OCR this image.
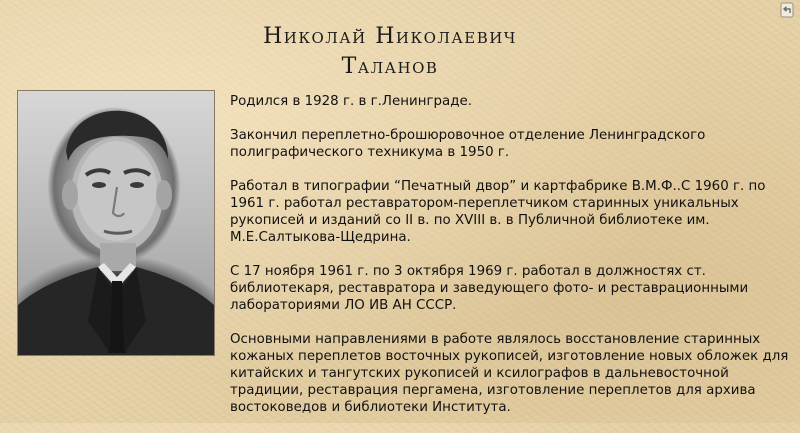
Николай Николаевич
Таланов

Родился в 1928 г. в г.Ленинграде.

Закончил переплетно-брошюровочное отделение Ленинградского полиграфического техникума в 1950 г.

Работал в типографии “Печатный двор” и картфабрике В.М.Ф..С 1960 г. по 1961 г. работал реставратором-переплетчиком старинных уникальных рукописей и изданий со II в. по XVIII в. в Публичной библиотеке им. М.Е.Салтыкова-Щедрина.

С 17 ноября 1961 г. по 3 октября 1969 г. работал в должностях ст. библиотекаря, реставратора и заведующего фото- и реставрационными лабораториями ЛО ИВ АН СССР.

Основными направлениями в работе являлось восстановление старинных кожаных переплетов восточных рукописей, изготовление новых обложек для китайских и тангутских рукописей и ксилографов в дальневосточной традиции, реставрация пергамена, изготовление переплетов для архива востоковедов и библиотеки Института.
